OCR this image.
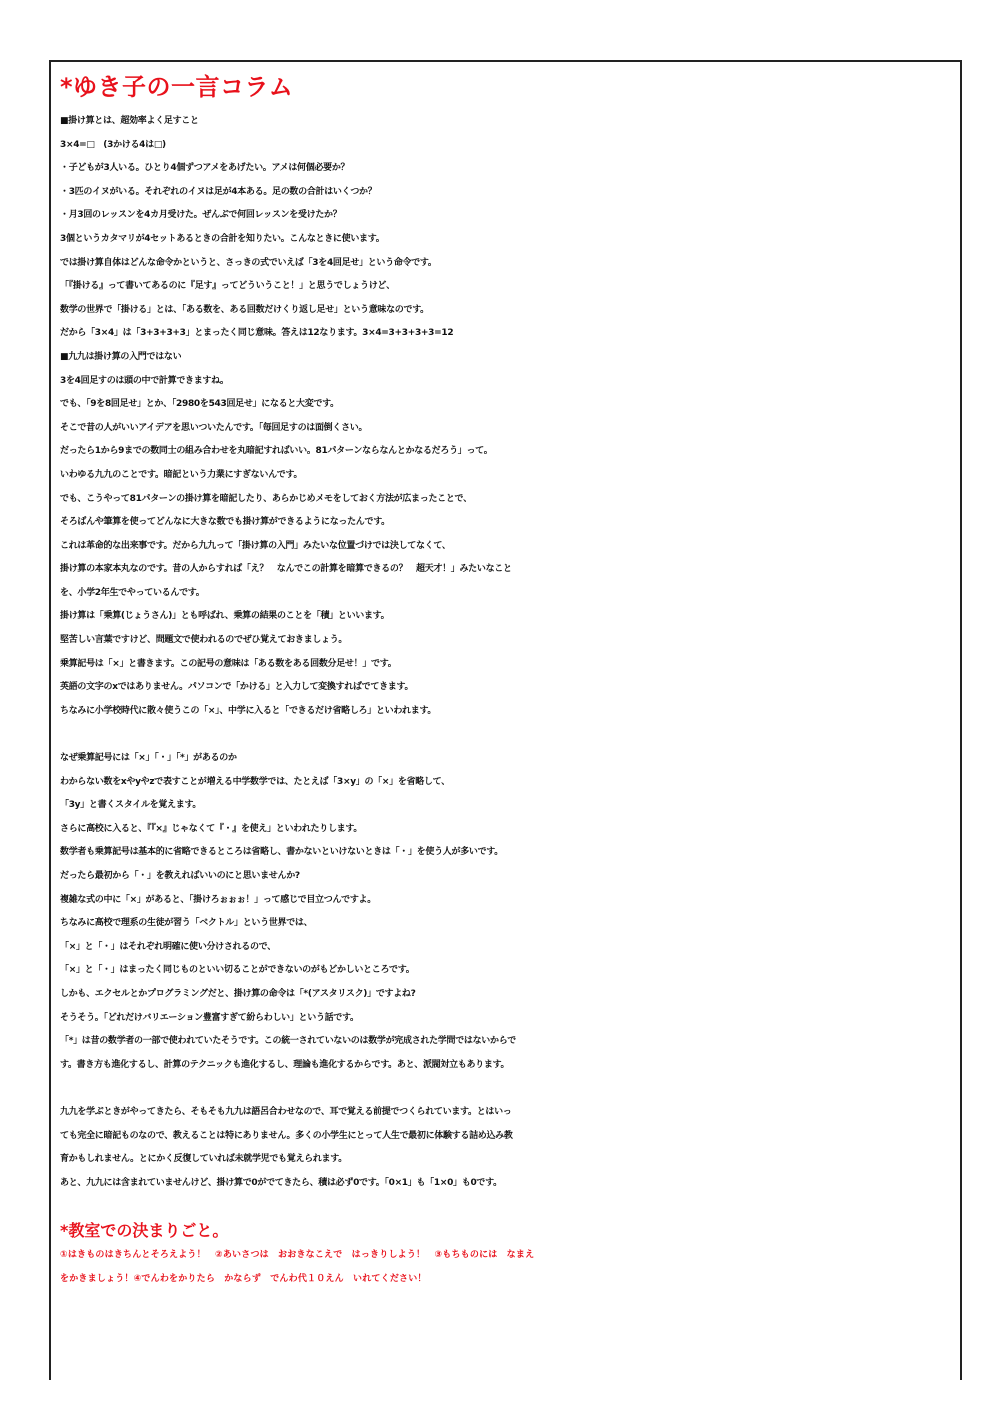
*ゆき子の一言コラム
■掛け算とは、超効率よく足すこと
3×4=□　(3かける4は□)
・子どもが3人いる。ひとり4個ずつアメをあげたい。アメは何個必要か？
・3匹のイヌがいる。それぞれのイヌは足が4本ある。足の数の合計はいくつか？
・月3回のレッスンを4カ月受けた。ぜんぶで何回レッスンを受けたか？
3個というカタマリが4セットあるときの合計を知りたい。こんなときに使います。
では掛け算自体はどんな命令かというと、さっきの式でいえば「3を4回足せ」という命令です。
「『掛ける』って書いてあるのに『足す』ってどういうこと！」と思うでしょうけど、
数学の世界で「掛ける」とは、「ある数を、ある回数だけくり返し足せ」という意味なのです。
だから「3×4」は「3+3+3+3」とまったく同じ意味。答えは12なります。3×4=3+3+3+3=12
■九九は掛け算の入門ではない
3を4回足すのは頭の中で計算できますね。
でも、「9を8回足せ」とか、「2980を543回足せ」になると大変です。
そこで昔の人がいいアイデアを思いついたんです。「毎回足すのは面倒くさい。
だったら1から9までの数同士の組み合わせを丸暗記すればいい。81パターンならなんとかなるだろう」って。
いわゆる九九のことです。暗記という力業にすぎないんです。
でも、こうやって81パターンの掛け算を暗記したり、あらかじめメモをしておく方法が広まったことで、
そろばんや筆算を使ってどんなに大きな数でも掛け算ができるようになったんです。
これは革命的な出来事です。だから九九って「掛け算の入門」みたいな位置づけでは決してなくて、
掛け算の本家本丸なのです。昔の人からすれば「え？　なんでこの計算を暗算できるの？　超天才！」みたいなこと
を、小学2年生でやっているんです。
掛け算は「乗算(じょうさん)」とも呼ばれ、乗算の結果のことを「積」といいます。
堅苦しい言葉ですけど、問題文で使われるのでぜひ覚えておきましょう。
乗算記号は「×」と書きます。この記号の意味は「ある数をある回数分足せ！」です。
英語の文字のxではありません。パソコンで「かける」と入力して変換すればでてきます。
ちなみに小学校時代に散々使うこの「×」、中学に入ると「できるだけ省略しろ」といわれます。
なぜ乗算記号には「×」「・」「*」があるのか
わからない数をxやyやzで表すことが増える中学数学では、たとえば「3×y」の「×」を省略して、
「3y」と書くスタイルを覚えます。
さらに高校に入ると、『『×』じゃなくて『・』を使え」といわれたりします。
数学者も乗算記号は基本的に省略できるところは省略し、書かないといけないときは「・」を使う人が多いです。
だったら最初から「・」を教えればいいのにと思いませんか?
複雑な式の中に「×」があると、「掛けろぉぉぉ！」って感じで目立つんですよ。
ちなみに高校で理系の生徒が習う「ベクトル」という世界では、
「×」と「・」はそれぞれ明確に使い分けされるので、
「×」と「・」はまったく同じものといい切ることができないのがもどかしいところです。
しかも、エクセルとかプログラミングだと、掛け算の命令は「*(アスタリスク)」ですよね?
そうそう。「どれだけバリエーション豊富すぎて紛らわしい」という話です。
「*」は昔の数学者の一部で使われていたそうです。この統一されていないのは数学が完成された学問ではないからで
す。書き方も進化するし、計算のテクニックも進化するし、理論も進化するからです。あと、派閥対立もあります。
九九を学ぶときがやってきたら、そもそも九九は語呂合わせなので、耳で覚える前提でつくられています。とはいっ
ても完全に暗記ものなので、教えることは特にありません。多くの小学生にとって人生で最初に体験する詰め込み教
育かもしれません。とにかく反復していれば未就学児でも覚えられます。
あと、九九には含まれていませんけど、掛け算で0がでてきたら、積は必ず0です。「0×1」も「1×0」も0です。
*教室での決まりごと。
①はきものはきちんとそろえよう！　②あいさつは　おおきなこえで　はっきりしよう！　③もちものには　なまえ
をかきましょう！④でんわをかりたら　かならず　でんわ代１０えん　いれてください！
